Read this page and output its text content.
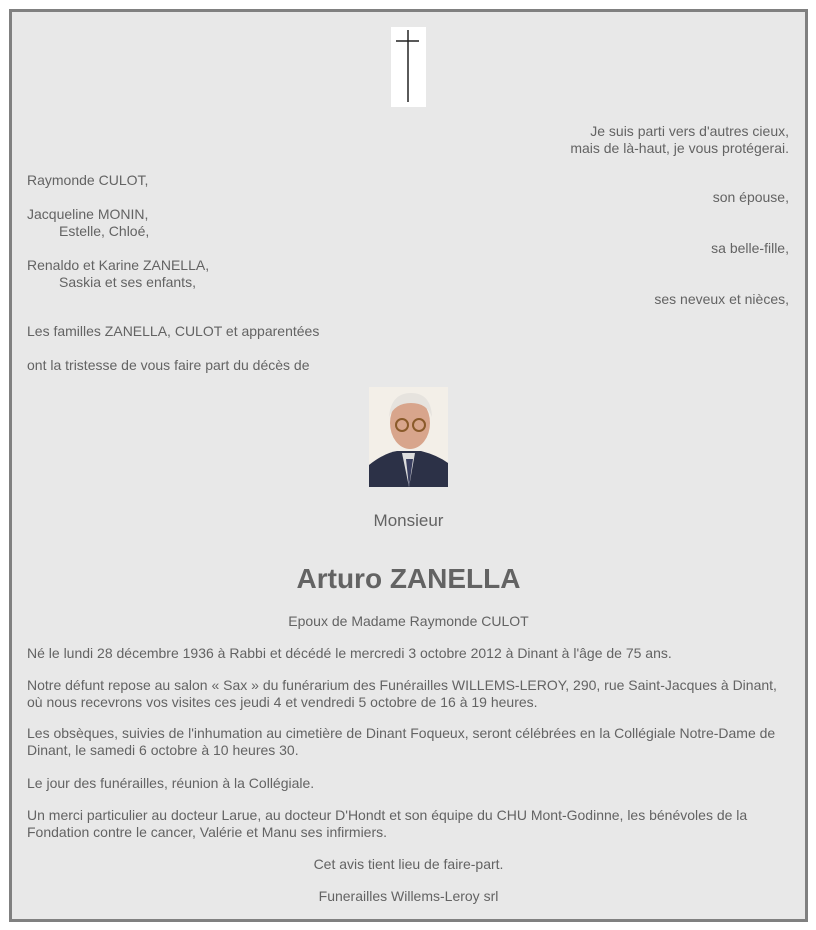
Je suis parti vers d'autres cieux,
mais de là-haut, je vous protégerai.
Raymonde CULOT,
son épouse,
Jacqueline MONIN,
Estelle, Chloé,
sa belle-fille,
Renaldo et Karine ZANELLA,
Saskia et ses enfants,
ses neveux et nièces,
Les familles ZANELLA, CULOT et apparentées
ont la tristesse de vous faire part du décès de
Monsieur
Arturo ZANELLA
Epoux de Madame Raymonde CULOT
Né le lundi 28 décembre 1936 à Rabbi et décédé le mercredi 3 octobre 2012 à Dinant à l'âge de 75 ans.
Notre défunt repose au salon « Sax » du funérarium des Funérailles WILLEMS-LEROY, 290, rue Saint-Jacques à Dinant, où nous recevrons vos visites ces jeudi 4 et vendredi 5 octobre de 16 à 19 heures.
Les obsèques, suivies de l'inhumation au cimetière de Dinant Foqueux, seront célébrées en la Collégiale Notre-Dame de Dinant, le samedi 6 octobre à 10 heures 30.
Le jour des funérailles, réunion à la Collégiale.
Un merci particulier au docteur Larue, au docteur D'Hondt et son équipe du CHU Mont-Godinne, les bénévoles de la Fondation contre le cancer, Valérie et Manu ses infirmiers.
Cet avis tient lieu de faire-part.
Funerailles Willems-Leroy srl
